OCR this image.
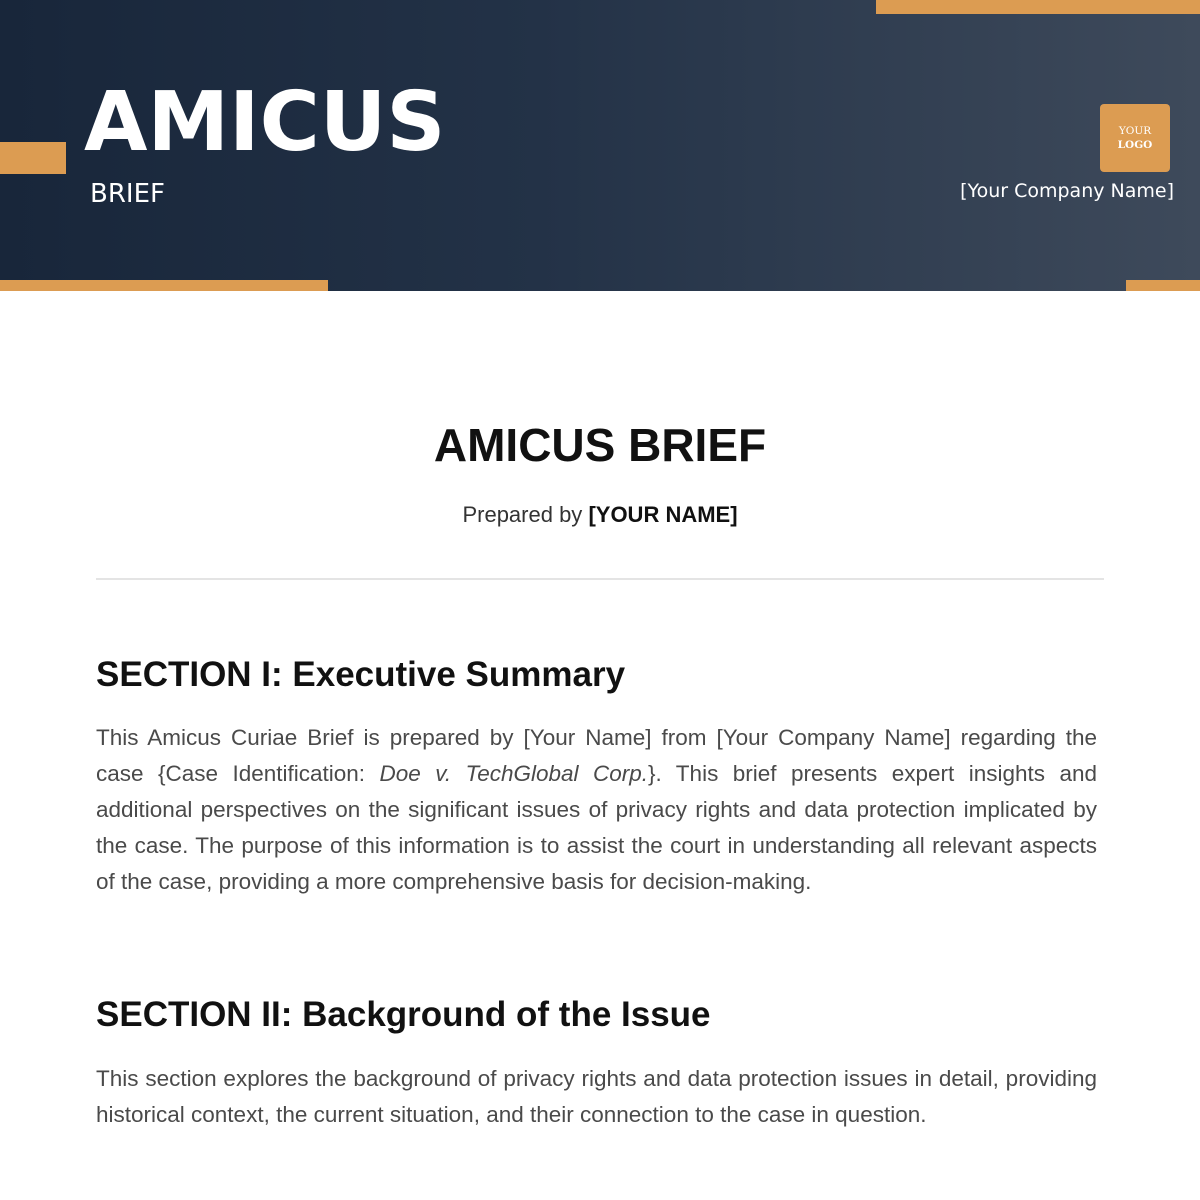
AMICUS
BRIEF
YOUR
LOGO
[Your Company Name]
AMICUS BRIEF
Prepared by [YOUR NAME]
SECTION I: Executive Summary

This Amicus Curiae Brief is prepared by [Your Name] from [Your Company Name] regarding the case {Case Identification: Doe v. TechGlobal Corp.}. This brief presents expert insights and additional perspectives on the significant issues of privacy rights and data protection implicated by the case. The purpose of this information is to assist the court in understanding all relevant aspects of the case, providing a more comprehensive basis for decision-making.

SECTION II: Background of the Issue

This section explores the background of privacy rights and data protection issues in detail, providing historical context, the current situation, and their connection to the case in question.
